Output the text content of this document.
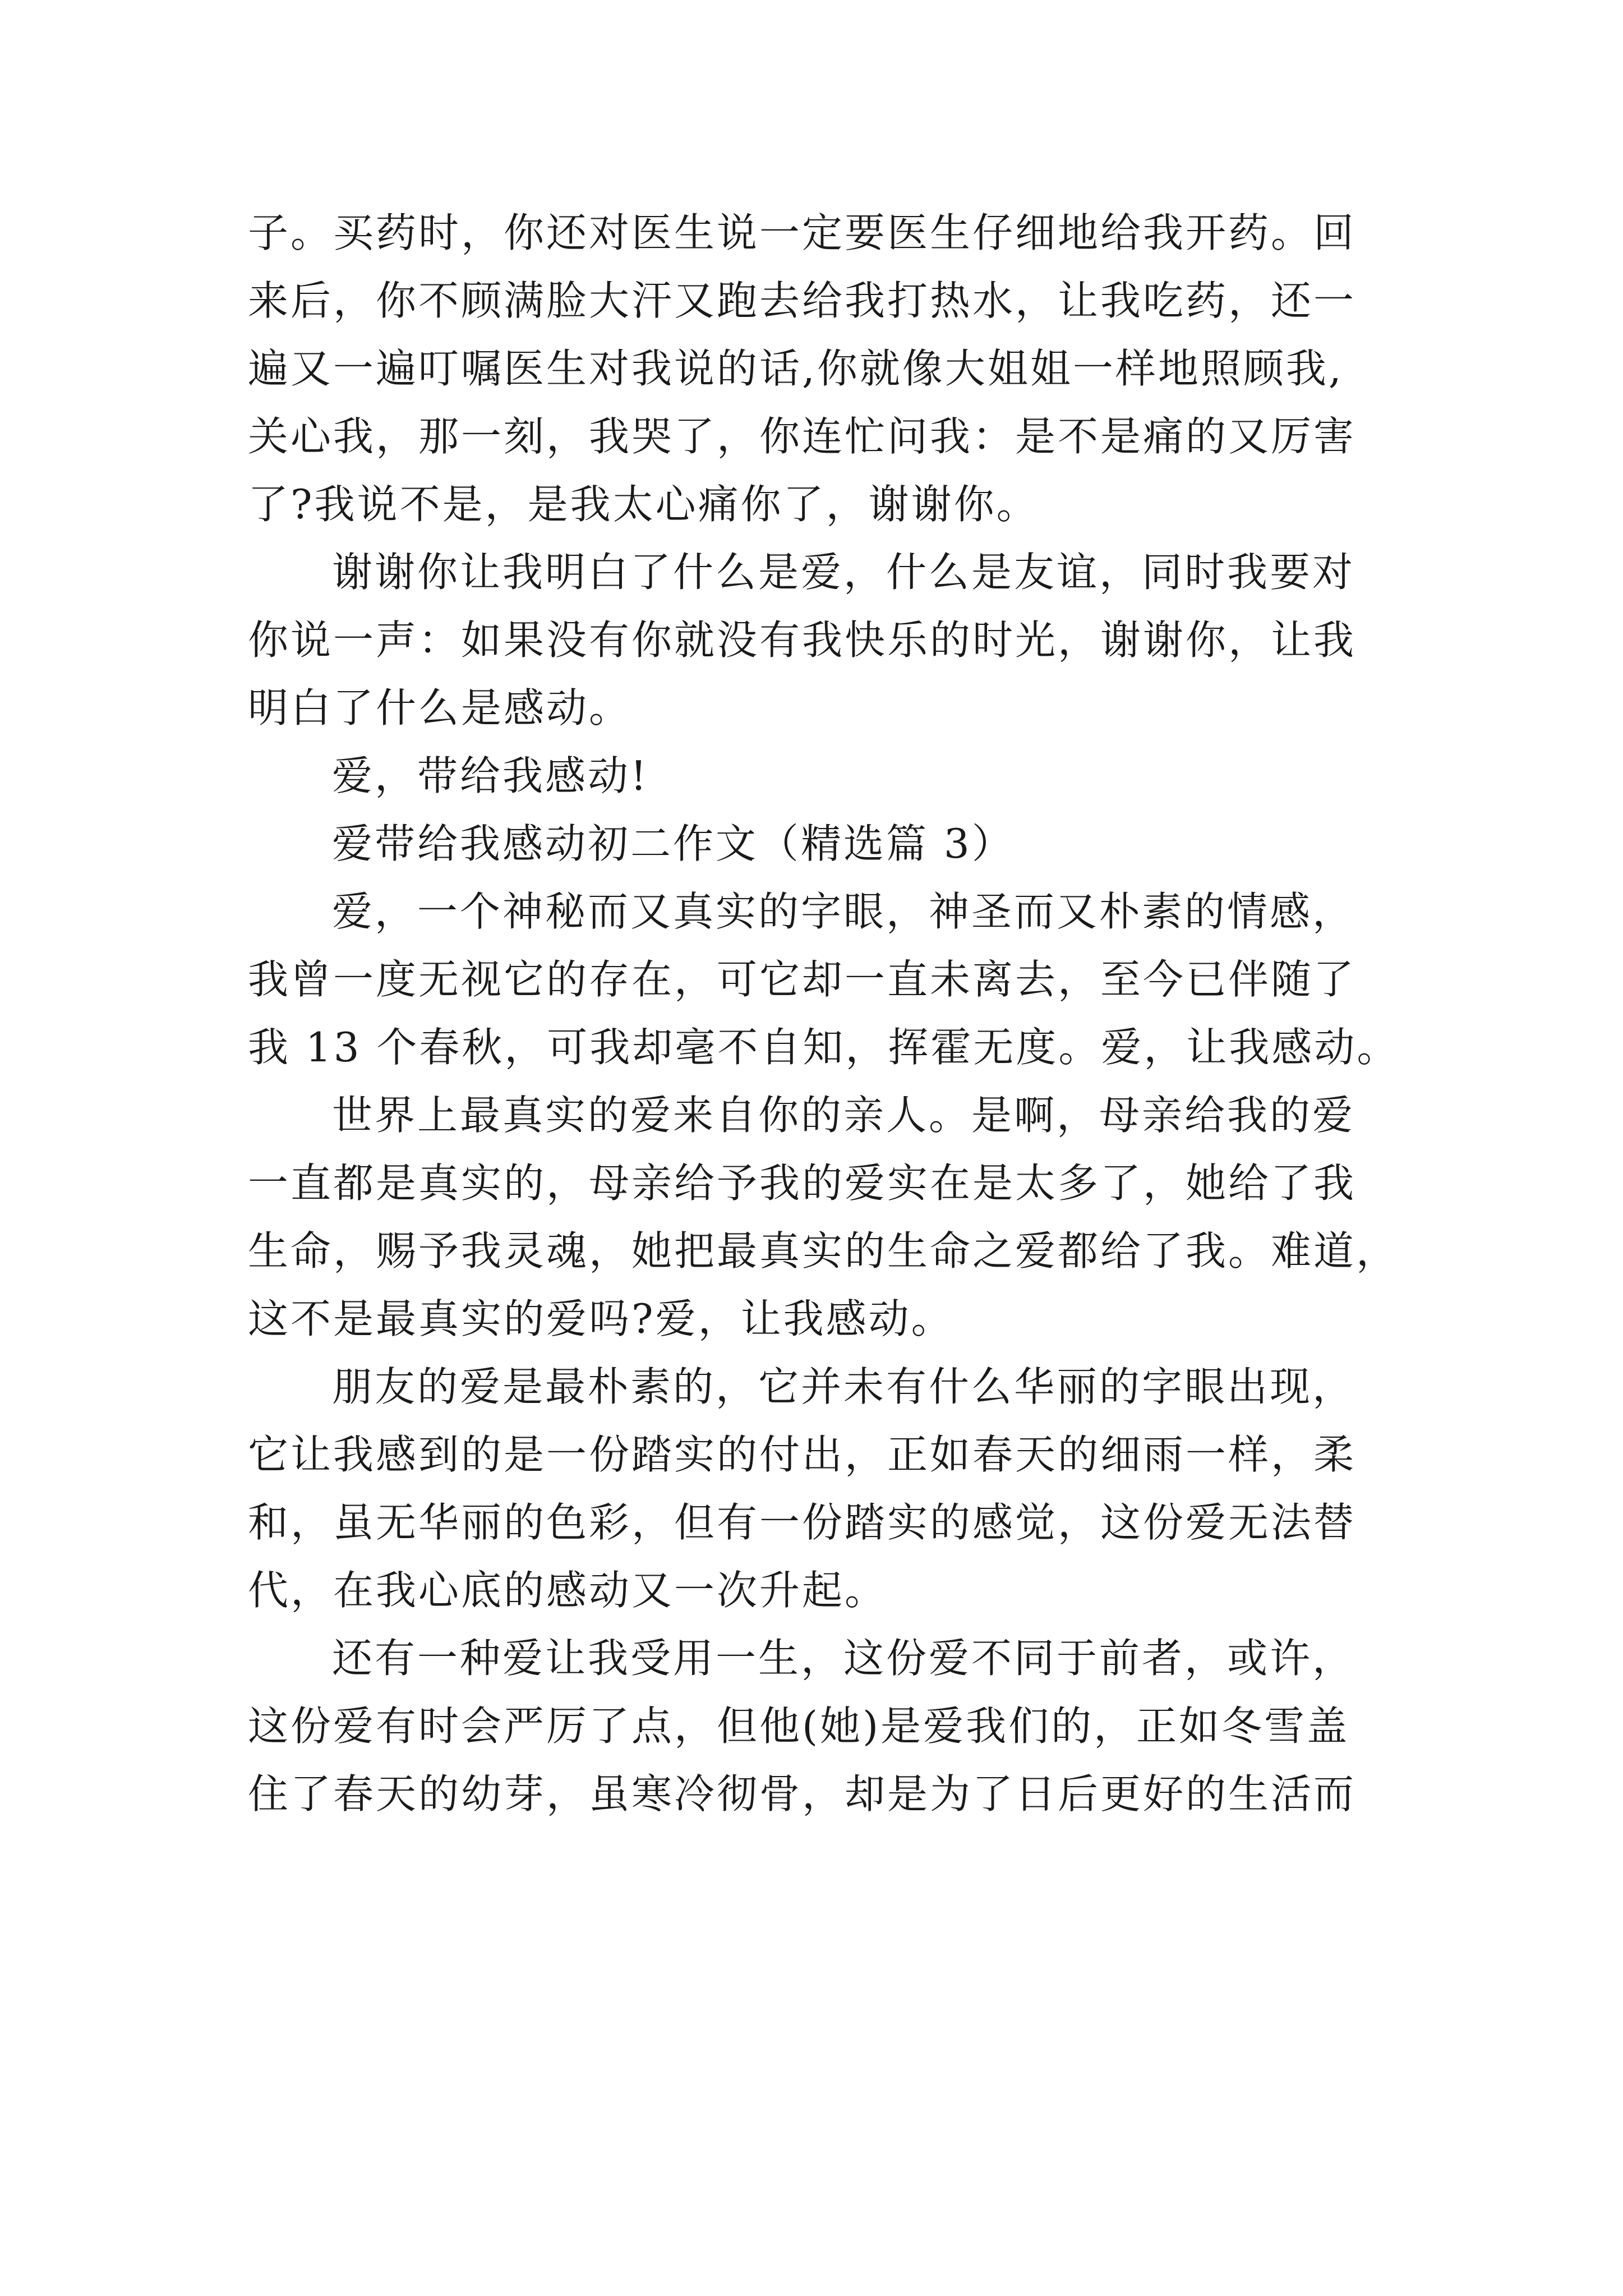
子。买药时，你还对医生说一定要医生仔细地给我开药。回
来后，你不顾满脸大汗又跑去给我打热水，让我吃药，还一
遍又一遍叮嘱医生对我说的话,你就像大姐姐一样地照顾我,
关心我，那一刻，我哭了，你连忙问我：是不是痛的又厉害
了?我说不是，是我太心痛你了，谢谢你。
谢谢你让我明白了什么是爱，什么是友谊，同时我要对
你说一声：如果没有你就没有我快乐的时光，谢谢你，让我
明白了什么是感动。
爱，带给我感动!
爱带给我感动初二作文（精选篇 3）
爱，一个神秘而又真实的字眼，神圣而又朴素的情感，
我曾一度无视它的存在，可它却一直未离去，至今已伴随了
我 13 个春秋，可我却毫不自知，挥霍无度。爱，让我感动。
世界上最真实的爱来自你的亲人。是啊，母亲给我的爱
一直都是真实的，母亲给予我的爱实在是太多了，她给了我
生命，赐予我灵魂，她把最真实的生命之爱都给了我。难道，
这不是最真实的爱吗?爱，让我感动。
朋友的爱是最朴素的，它并未有什么华丽的字眼出现，
它让我感到的是一份踏实的付出，正如春天的细雨一样，柔
和，虽无华丽的色彩，但有一份踏实的感觉，这份爱无法替
代，在我心底的感动又一次升起。
还有一种爱让我受用一生，这份爱不同于前者，或许，
这份爱有时会严厉了点，但他(她)是爱我们的，正如冬雪盖
住了春天的幼芽，虽寒冷彻骨，却是为了日后更好的生活而
